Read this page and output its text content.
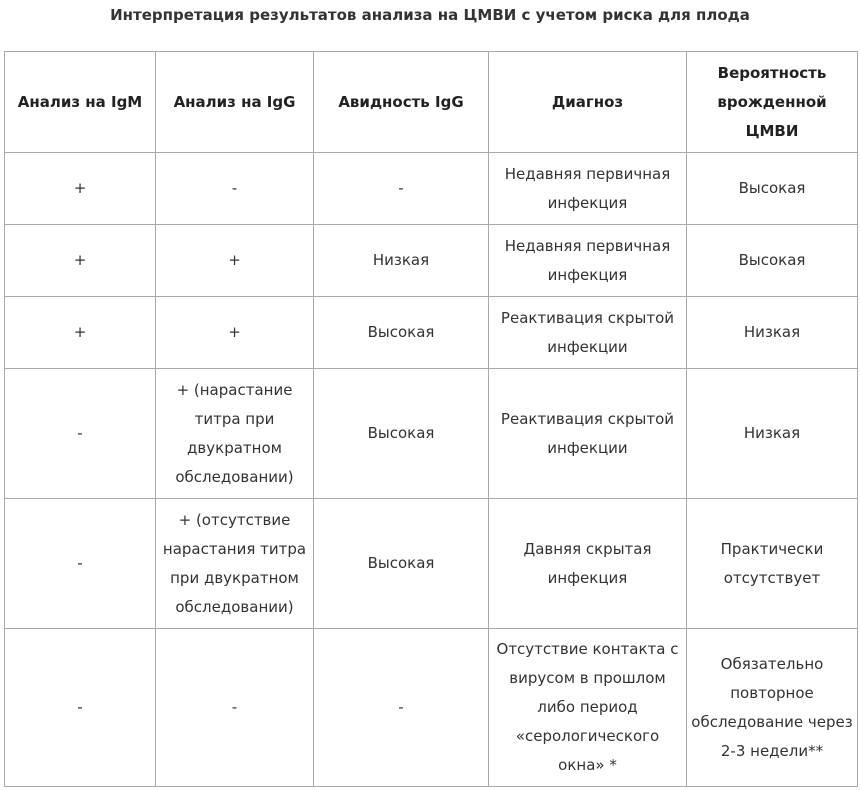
Интерпретация результатов анализа на ЦМВИ с учетом риска для плода
Анализ на IgM	Анализ на IgG	Авидность IgG	Диагноз	Вероятность врожденной ЦМВИ
+	-	-	Недавняя первичная инфекция	Высокая
+	+	Низкая	Недавняя первичная инфекция	Высокая
+	+	Высокая	Реактивация скрытой инфекции	Низкая
-	+ (нарастание титра при двукратном обследовании)	Высокая	Реактивация скрытой инфекции	Низкая
-	+ (отсутствие нарастания титра при двукратном обследовании)	Высокая	Давняя скрытая инфекция	Практически отсутствует
-	-	-	Отсутствие контакта с вирусом в прошлом либо период «серологического окна» *	Обязательно повторное обследование через 2-3 недели**
